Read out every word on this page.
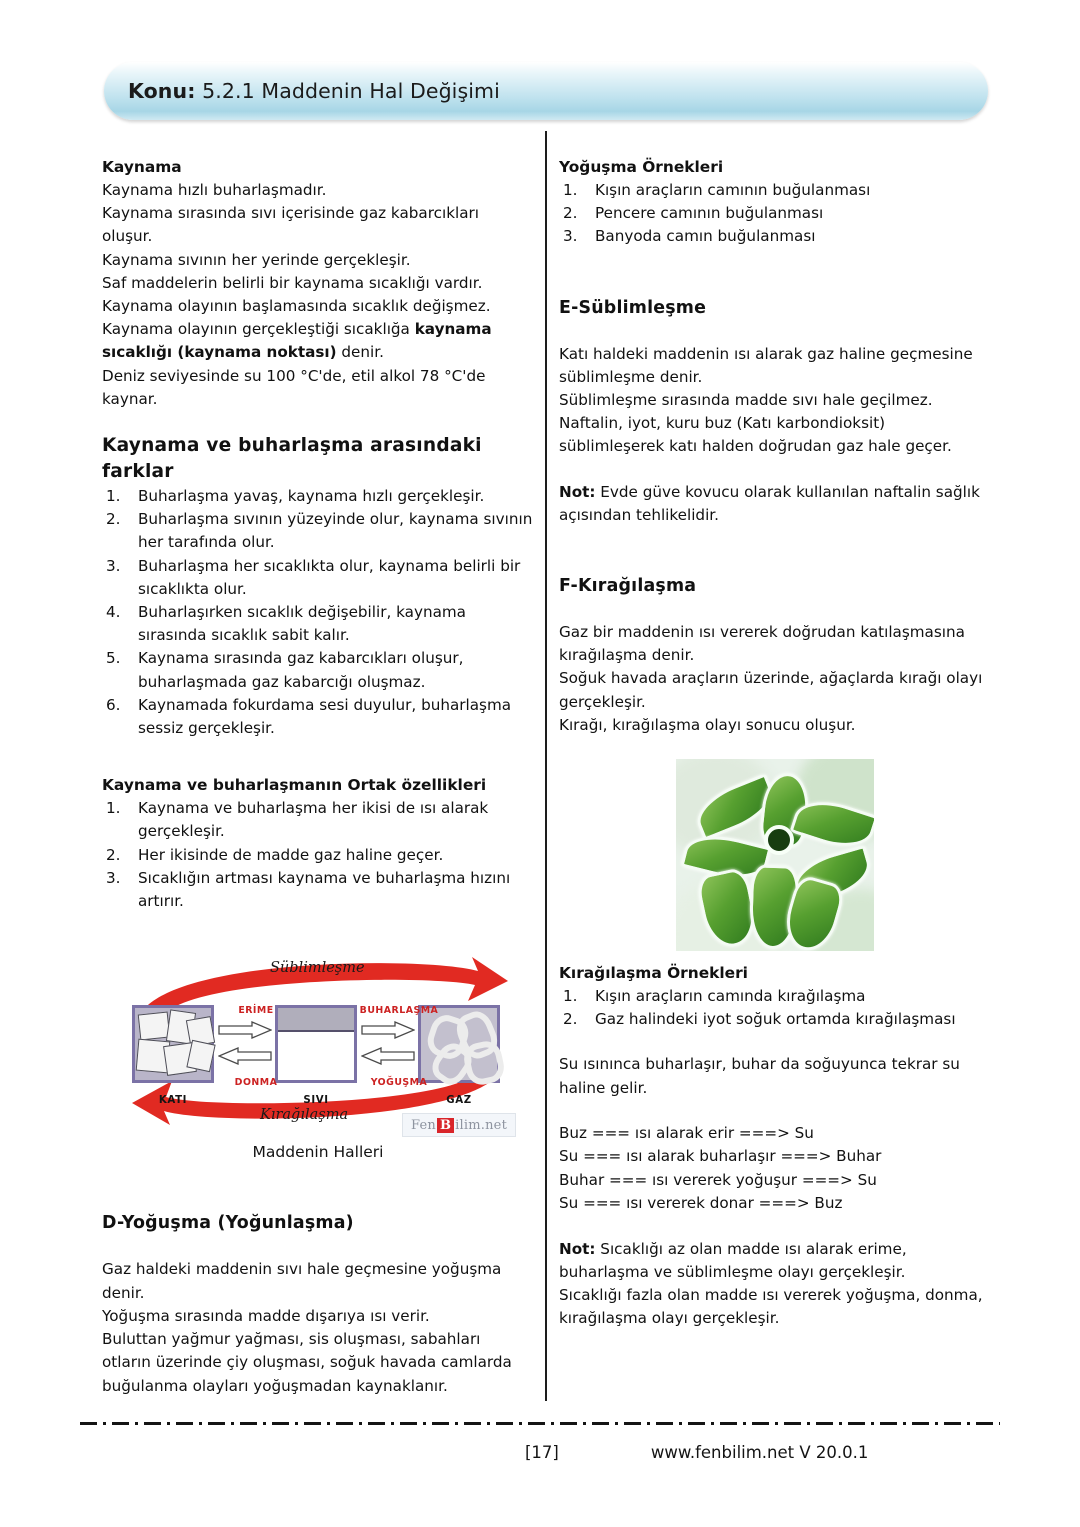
Konu: 5.2.1 Maddenin Hal Değişimi
Kaynama

Kaynama hızlı buharlaşmadır.

Kaynama sırasında sıvı içerisinde gaz kabarcıkları oluşur.

Kaynama sıvının her yerinde gerçekleşir.

Saf maddelerin belirli bir kaynama sıcaklığı vardır.

Kaynama olayının başlamasında sıcaklık değişmez.

Kaynama olayının gerçekleştiği sıcaklığa kaynama sıcaklığı (kaynama noktası) denir.

Deniz seviyesinde su 100 °C'de, etil alkol 78 °C'de kaynar.

Kaynama ve buharlaşma arasındaki farklar
1.	Buharlaşma yavaş, kaynama hızlı gerçekleşir.
2.	Buharlaşma sıvının yüzeyinde olur, kaynama sıvının her tarafında olur.
3.	Buharlaşma her sıcaklıkta olur, kaynama belirli bir sıcaklıkta olur.
4.	Buharlaşırken sıcaklık değişebilir, kaynama sırasında sıcaklık sabit kalır.
5.	Kaynama sırasında gaz kabarcıkları oluşur, buharlaşmada gaz kabarcığı oluşmaz.
6.	Kaynamada fokurdama sesi duyulur, buharlaşma sessiz gerçekleşir.
Kaynama ve buharlaşmanın Ortak özellikleri
1.	Kaynama ve buharlaşma her ikisi de ısı alarak gerçekleşir.
2.	Her ikisinde de madde gaz haline geçer.
3.	Sıcaklığın artması kaynama ve buharlaşma hızını artırır.
Süblimleşme
Kırağılaşma
KATI	SIVI	GAZ
ERİME
DONMA
BUHARLAŞMA
YOĞUŞMA
Fen B ilim.net
Maddenin Halleri
D-Yoğuşma (Yoğunlaşma)

Gaz haldeki maddenin sıvı hale geçmesine yoğuşma denir.

Yoğuşma sırasında madde dışarıya ısı verir.

Buluttan yağmur yağması, sis oluşması, sabahları otların üzerinde çiy oluşması, soğuk havada camlarda buğulanma olayları yoğuşmadan kaynaklanır.

Yoğuşma Örnekleri
1.	Kışın araçların camının buğulanması
2.	Pencere camının buğulanması
3.	Banyoda camın buğulanması
E-Süblimleşme

Katı haldeki maddenin ısı alarak gaz haline geçmesine süblimleşme denir.

Süblimleşme sırasında madde sıvı hale geçilmez.

Naftalin, iyot, kuru buz (Katı karbondioksit) süblimleşerek katı halden doğrudan gaz hale geçer.

Not: Evde güve kovucu olarak kullanılan naftalin sağlık açısından tehlikelidir.

F-Kırağılaşma

Gaz bir maddenin ısı vererek doğrudan katılaşmasına kırağılaşma denir.

Soğuk havada araçların üzerinde, ağaçlarda kırağı olayı gerçekleşir.

Kırağı, kırağılaşma olayı sonucu oluşur.

Kırağılaşma Örnekleri
1.	Kışın araçların camında kırağılaşma
2.	Gaz halindeki iyot soğuk ortamda kırağılaşması

Su ısınınca buharlaşır, buhar da soğuyunca tekrar su haline gelir.

Buz === ısı alarak erir ===> Su

Su === ısı alarak buharlaşır ===> Buhar

Buhar === ısı vererek yoğuşur ===> Su

Su === ısı vererek donar ===> Buz

Not: Sıcaklığı az olan madde ısı alarak erime, buharlaşma ve süblimleşme olayı gerçekleşir.

Sıcaklığı fazla olan madde ısı vererek yoğuşma, donma, kırağılaşma olayı gerçekleşir.

[17]	www.fenbilim.net V 20.0.1
